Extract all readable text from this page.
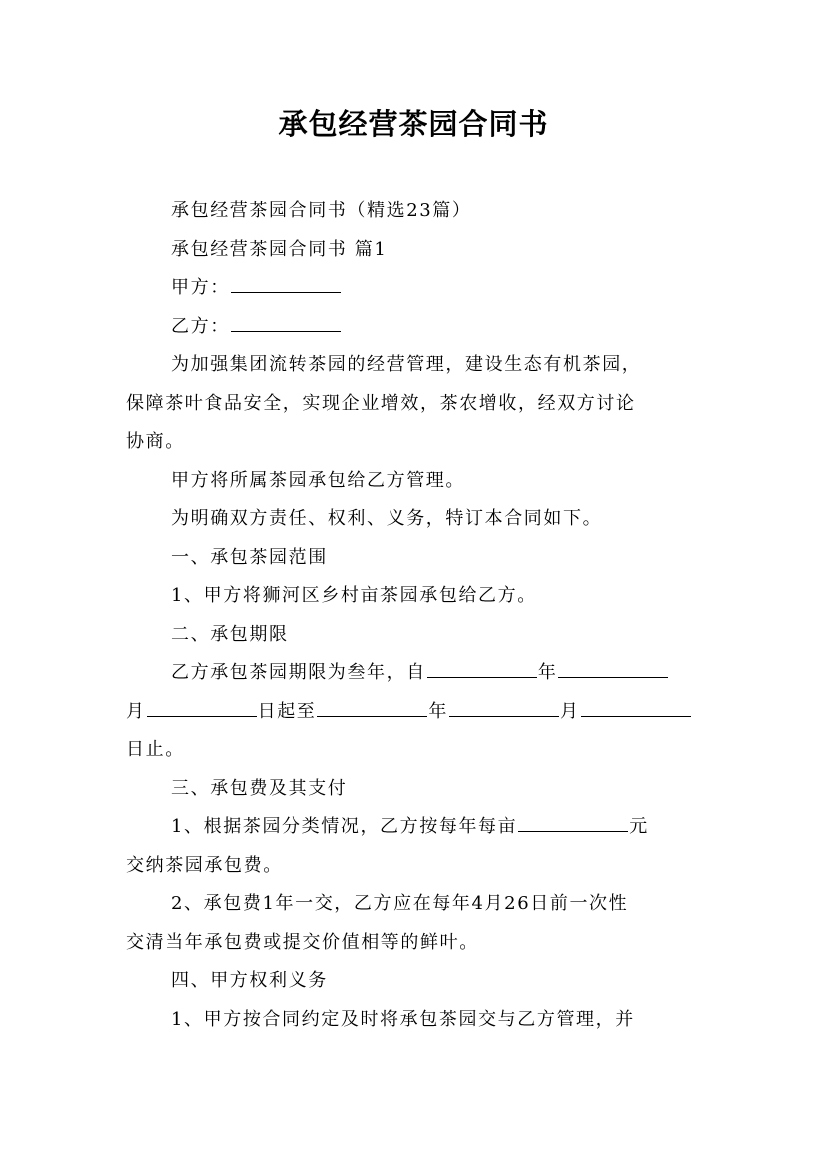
承包经营茶园合同书

承包经营茶园合同书（精选23篇）

承包经营茶园合同书 篇1

甲方：

乙方：

为加强集团流转茶园的经营管理，建设生态有机茶园，

保障茶叶食品安全，实现企业增效，茶农增收，经双方讨论

协商。

甲方将所属茶园承包给乙方管理。

为明确双方责任、权利、义务，特订本合同如下。

一、承包茶园范围

1、甲方将狮河区乡村亩茶园承包给乙方。

二、承包期限

乙方承包茶园期限为叁年，自	年

月	日起至	年	月

日止。

三、承包费及其支付

1、根据茶园分类情况，乙方按每年每亩	元

交纳茶园承包费。

2、承包费1年一交，乙方应在每年4月26日前一次性

交清当年承包费或提交价值相等的鲜叶。

四、甲方权利义务

1、甲方按合同约定及时将承包茶园交与乙方管理，并
